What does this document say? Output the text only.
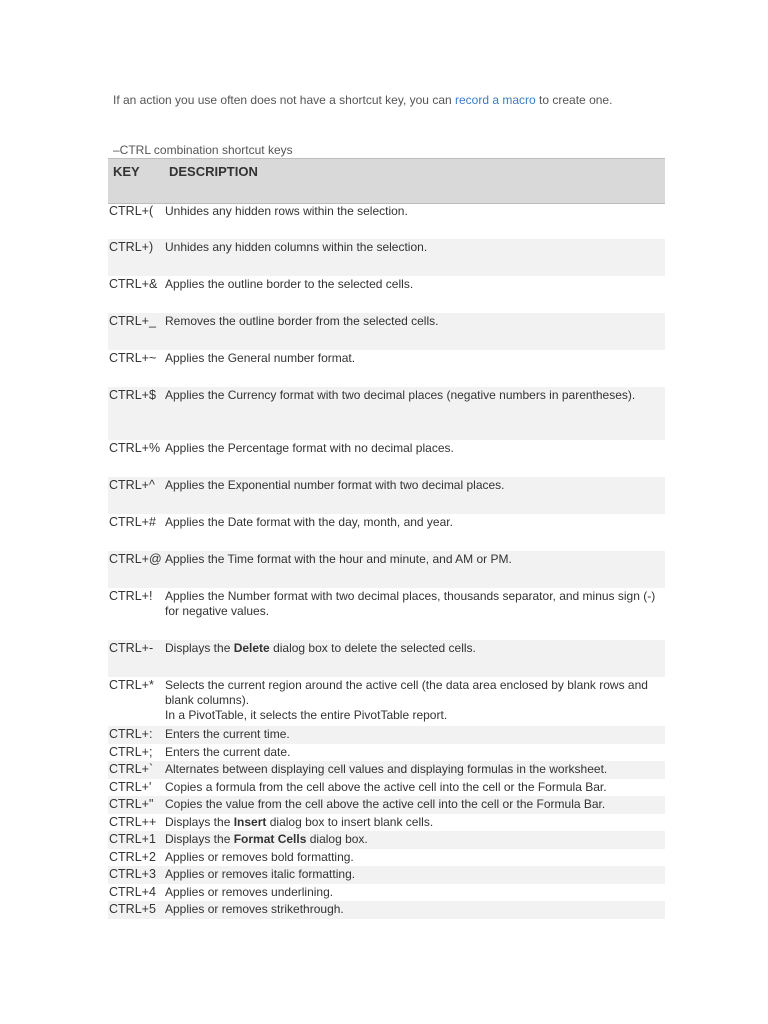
If an action you use often does not have a shortcut key, you can record a macro to create one.

–CTRL combination shortcut keys
KEY DESCRIPTION
CTRL+( Unhides any hidden rows within the selection.
CTRL+) Unhides any hidden columns within the selection.
CTRL+& Applies the outline border to the selected cells.
CTRL+_ Removes the outline border from the selected cells.
CTRL+~ Applies the General number format.
CTRL+$ Applies the Currency format with two decimal places (negative numbers in parentheses).
CTRL+% Applies the Percentage format with no decimal places.
CTRL+^ Applies the Exponential number format with two decimal places.
CTRL+# Applies the Date format with the day, month, and year.
CTRL+@ Applies the Time format with the hour and minute, and AM or PM.
CTRL+! Applies the Number format with two decimal places, thousands separator, and minus sign (-) for negative values.
CTRL+- Displays the Delete dialog box to delete the selected cells.
CTRL+* Selects the current region around the active cell (the data area enclosed by blank rows and blank columns).
In a PivotTable, it selects the entire PivotTable report.
CTRL+: Enters the current time.
CTRL+; Enters the current date.
CTRL+` Alternates between displaying cell values and displaying formulas in the worksheet.
CTRL+' Copies a formula from the cell above the active cell into the cell or the Formula Bar.
CTRL+" Copies the value from the cell above the active cell into the cell or the Formula Bar.
CTRL++ Displays the Insert dialog box to insert blank cells.
CTRL+1 Displays the Format Cells dialog box.
CTRL+2 Applies or removes bold formatting.
CTRL+3 Applies or removes italic formatting.
CTRL+4 Applies or removes underlining.
CTRL+5 Applies or removes strikethrough.
